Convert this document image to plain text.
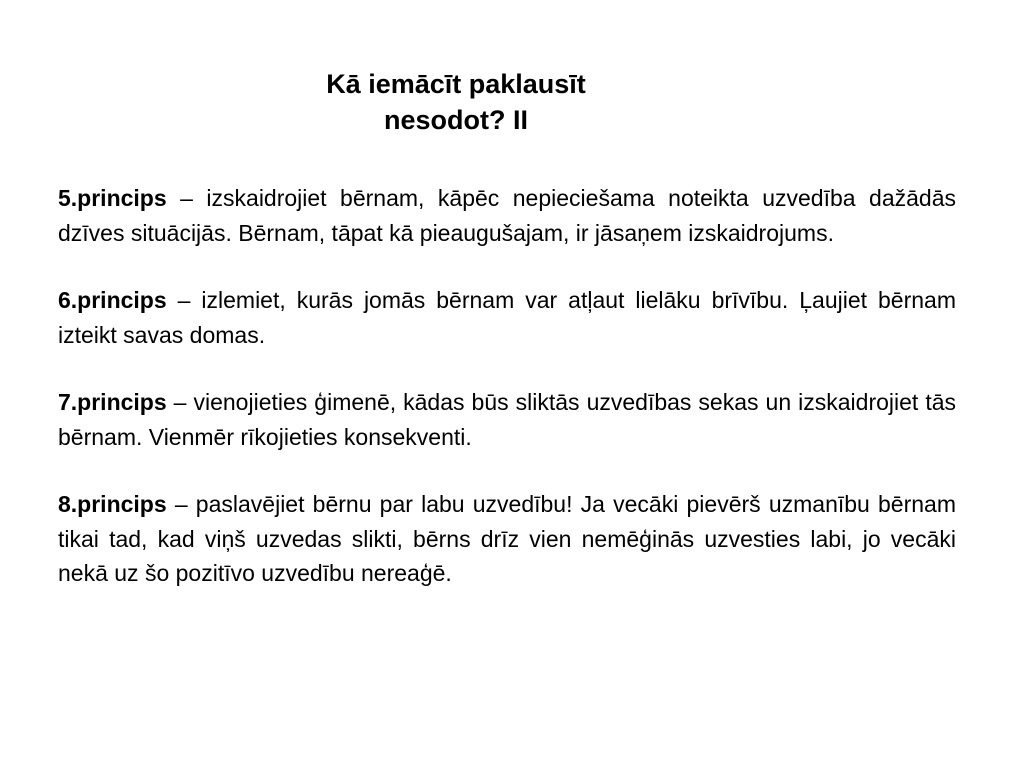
Kā iemācīt paklausīt
nesodot? II

5.princips – izskaidrojiet bērnam, kāpēc nepieciešama noteikta uzvedība dažādās dzīves situācijās. Bērnam, tāpat kā pieaugušajam, ir jāsaņem izskaidrojums.

6.princips – izlemiet, kurās jomās bērnam var atļaut lielāku brīvību. Ļaujiet bērnam izteikt savas domas.

7.princips – vienojieties ģimenē, kādas būs sliktās uzvedības sekas un izskaidrojiet tās bērnam. Vienmēr rīkojieties konsekventi.

8.princips – paslavējiet bērnu par labu uzvedību! Ja vecāki pievērš uzmanību bērnam tikai tad, kad viņš uzvedas slikti, bērns drīz vien nemēģinās uzvesties labi, jo vecāki nekā uz šo pozitīvo uzvedību nereaģē.
